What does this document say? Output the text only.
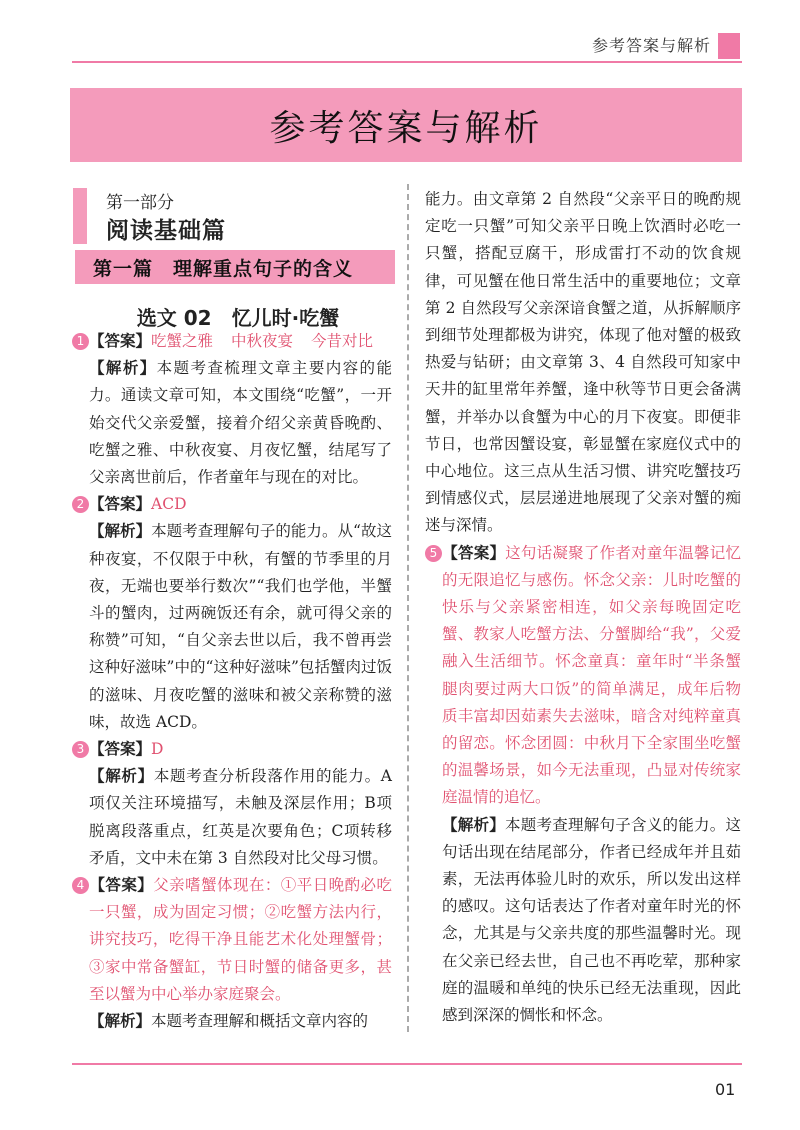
参考答案与解析
参考答案与解析
第一部分
阅读基础篇
第一篇　理解重点句子的含义
选文 02　忆儿时·吃蟹

1 【答案】吃蟹之雅 中秋夜宴 今昔对比

【解析】本题考查梳理文章主要内容的能力。通读文章可知，本文围绕“吃蟹”，一开始交代父亲爱蟹，接着介绍父亲黄昏晚酌、吃蟹之雅、中秋夜宴、月夜忆蟹，结尾写了父亲离世前后，作者童年与现在的对比。

2 【答案】ACD

【解析】本题考查理解句子的能力。从“故这种夜宴，不仅限于中秋，有蟹的节季里的月夜，无端也要举行数次”“我们也学他，半蟹斗的蟹肉，过两碗饭还有余，就可得父亲的称赞”可知，“自父亲去世以后，我不曾再尝这种好滋味”中的“这种好滋味”包括蟹肉过饭的滋味、月夜吃蟹的滋味和被父亲称赞的滋味，故选 ACD。

3 【答案】D

【解析】本题考查分析段落作用的能力。A项仅关注环境描写，未触及深层作用；B项脱离段落重点，红英是次要角色；C项转移矛盾，文中未在第 3 自然段对比父母习惯。

4 【答案】父亲嗜蟹体现在：①平日晚酌必吃一只蟹，成为固定习惯；②吃蟹方法内行，讲究技巧，吃得干净且能艺术化处理蟹骨；③家中常备蟹缸，节日时蟹的储备更多，甚至以蟹为中心举办家庭聚会。

【解析】本题考查理解和概括文章内容的

能力。由文章第 2 自然段“父亲平日的晚酌规定吃一只蟹”可知父亲平日晚上饮酒时必吃一只蟹，搭配豆腐干，形成雷打不动的饮食规律，可见蟹在他日常生活中的重要地位；文章第 2 自然段写父亲深谙食蟹之道，从拆解顺序到细节处理都极为讲究，体现了他对蟹的极致热爱与钻研；由文章第 3、4 自然段可知家中天井的缸里常年养蟹，逢中秋等节日更会备满蟹，并举办以食蟹为中心的月下夜宴。即便非节日，也常因蟹设宴，彰显蟹在家庭仪式中的中心地位。这三点从生活习惯、讲究吃蟹技巧到情感仪式，层层递进地展现了父亲对蟹的痴迷与深情。

5 【答案】这句话凝聚了作者对童年温馨记忆的无限追忆与感伤。怀念父亲：儿时吃蟹的快乐与父亲紧密相连，如父亲每晚固定吃蟹、教家人吃蟹方法、分蟹脚给“我”，父爱融入生活细节。怀念童真：童年时“半条蟹腿肉要过两大口饭”的简单满足，成年后物质丰富却因茹素失去滋味，暗含对纯粹童真的留恋。怀念团圆：中秋月下全家围坐吃蟹的温馨场景，如今无法重现，凸显对传统家庭温情的追忆。

【解析】本题考查理解句子含义的能力。这句话出现在结尾部分，作者已经成年并且茹素，无法再体验儿时的欢乐，所以发出这样的感叹。这句话表达了作者对童年时光的怀念，尤其是与父亲共度的那些温馨时光。现在父亲已经去世，自己也不再吃荤，那种家庭的温暖和单纯的快乐已经无法重现，因此感到深深的惆怅和怀念。

01
